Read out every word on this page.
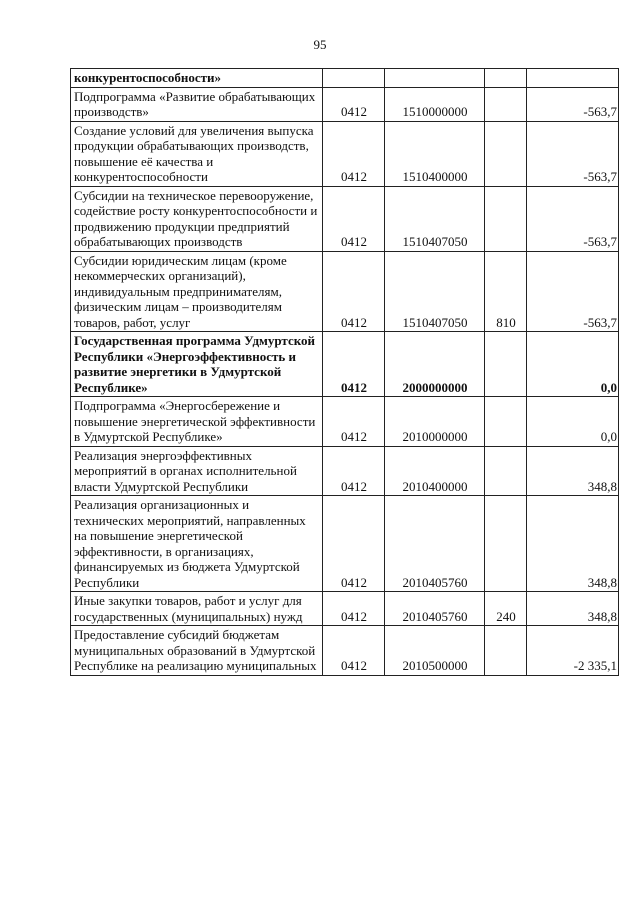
95
конкурентоспособности»				
Подпрограмма «Развитие обрабатывающих производств»	0412	1510000000		-563,7
Создание условий для увеличения выпуска продукции обрабатывающих производств, повышение её качества и конкурентоспособности	0412	1510400000		-563,7
Субсидии на техническое перевооружение, содействие росту конкурентоспособности и продвижению продукции предприятий обрабатывающих производств	0412	1510407050		-563,7
Субсидии юридическим лицам (кроме некоммерческих организаций), индивидуальным предпринимателям, физическим лицам – производителям товаров, работ, услуг	0412	1510407050	810	-563,7
Государственная программа Удмуртской Республики «Энергоэффективность и развитие энергетики в Удмуртской Республике»	0412	2000000000		0,0
Подпрограмма «Энергосбережение и повышение энергетической эффективности в Удмуртской Республике»	0412	2010000000		0,0
Реализация энергоэффективных мероприятий в органах исполнительной власти Удмуртской Республики	0412	2010400000		348,8
Реализация организационных и технических мероприятий, направленных на повышение энергетической эффективности, в организациях, финансируемых из бюджета Удмуртской Республики	0412	2010405760		348,8
Иные закупки товаров, работ и услуг для государственных (муниципальных) нужд	0412	2010405760	240	348,8
Предоставление субсидий бюджетам муниципальных образований в Удмуртской Республике на реализацию муниципальных	0412	2010500000		-2 335,1
